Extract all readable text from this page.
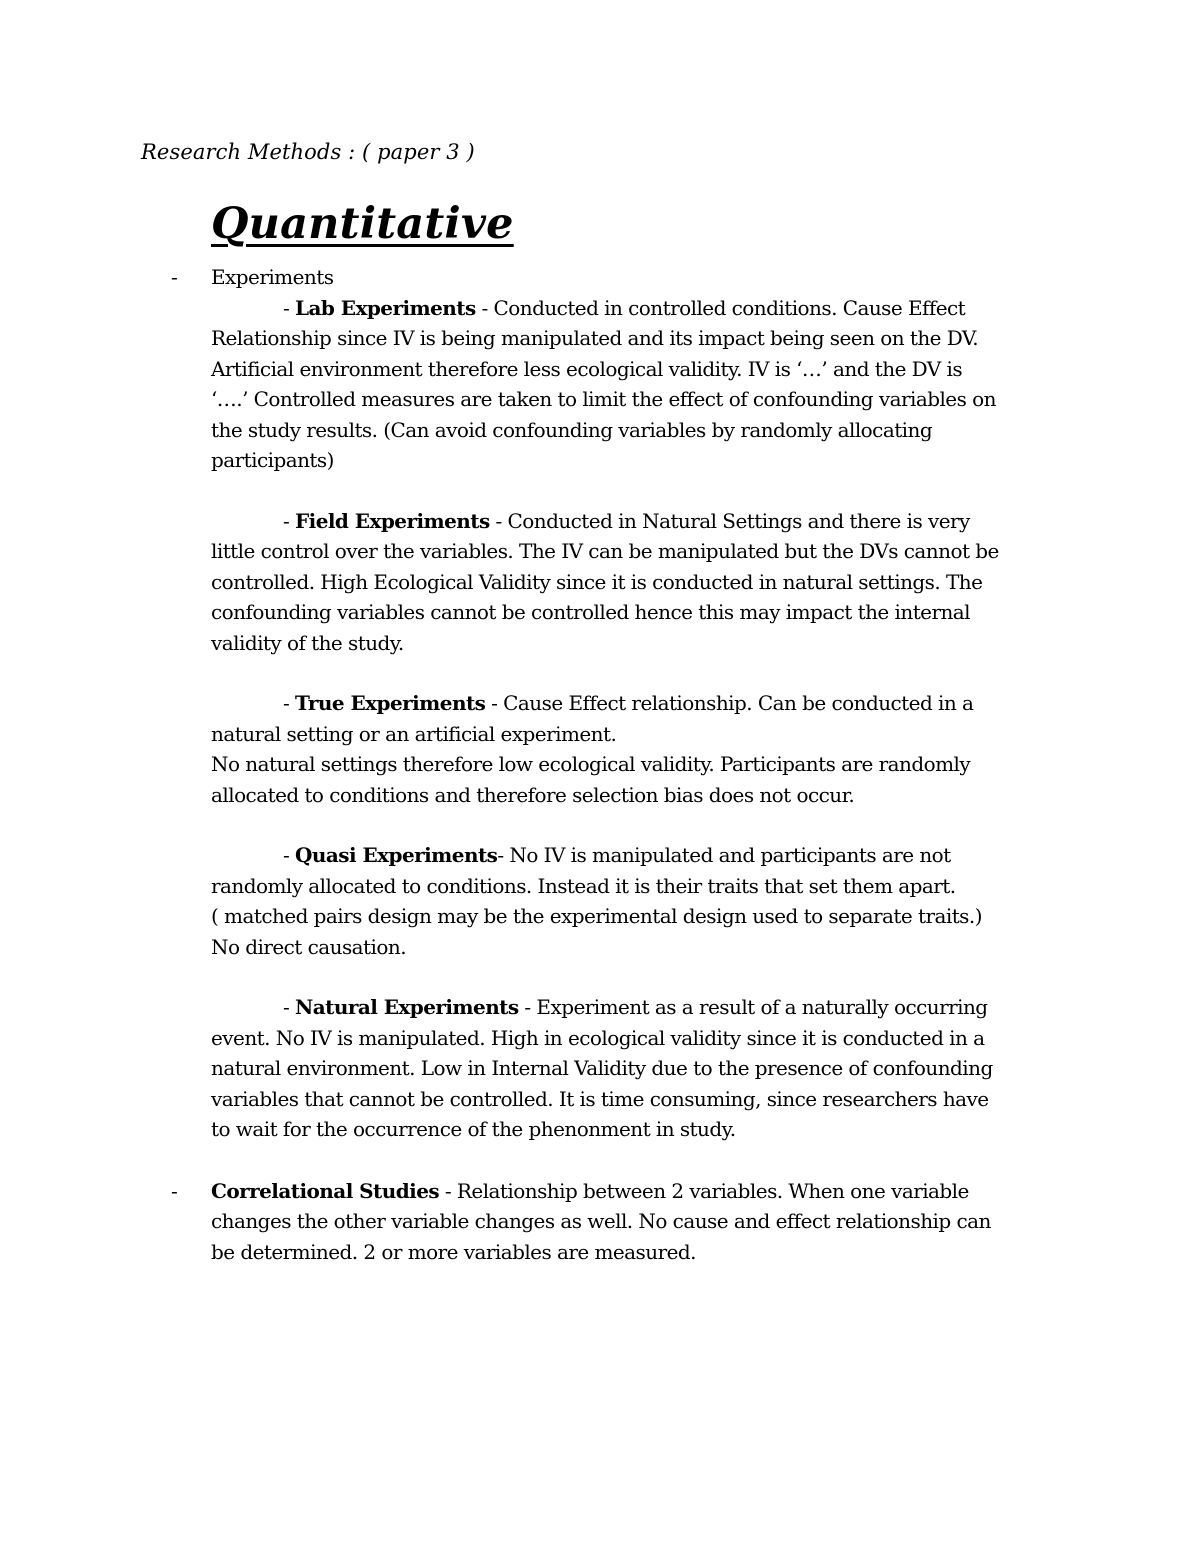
Research Methods : ( paper 3 )
Quantitative
- Experiments
- Lab Experiments - Conducted in controlled conditions. Cause Effect
Relationship since IV is being manipulated and its impact being seen on the DV.
Artificial environment therefore less ecological validity. IV is ‘…’ and the DV is
‘….’ Controlled measures are taken to limit the effect of confounding variables on
the study results. (Can avoid confounding variables by randomly allocating
participants)
- Field Experiments - Conducted in Natural Settings and there is very
little control over the variables. The IV can be manipulated but the DVs cannot be
controlled. High Ecological Validity since it is conducted in natural settings. The
confounding variables cannot be controlled hence this may impact the internal
validity of the study.
- True Experiments - Cause Effect relationship. Can be conducted in a
natural setting or an artificial experiment.
No natural settings therefore low ecological validity. Participants are randomly
allocated to conditions and therefore selection bias does not occur.
- Quasi Experiments- No IV is manipulated and participants are not
randomly allocated to conditions. Instead it is their traits that set them apart.
( matched pairs design may be the experimental design used to separate traits.)
No direct causation.
- Natural Experiments - Experiment as a result of a naturally occurring
event. No IV is manipulated. High in ecological validity since it is conducted in a
natural environment. Low in Internal Validity due to the presence of confounding
variables that cannot be controlled. It is time consuming, since researchers have
to wait for the occurrence of the phenonment in study.
- Correlational Studies - Relationship between 2 variables. When one variable
changes the other variable changes as well. No cause and effect relationship can
be determined. 2 or more variables are measured.
